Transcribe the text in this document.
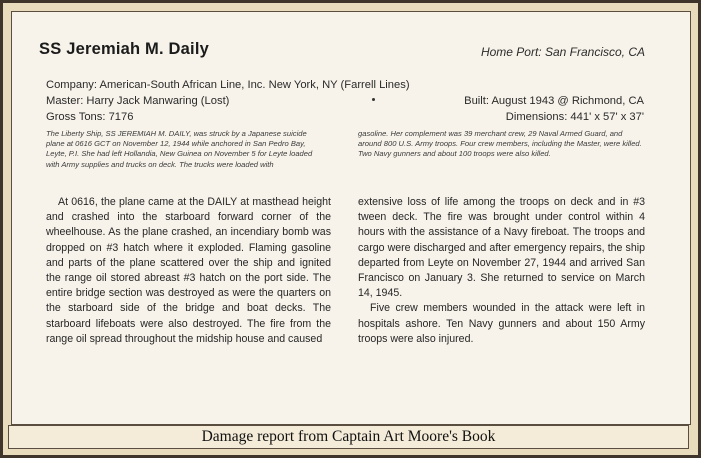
SS Jeremiah M. Daily	Home Port: San Francisco, CA
Company: American-South African Line, Inc. New York, NY (Farrell Lines)
Master: Harry Jack Manwaring (Lost)
Gross Tons: 7176
Built: August 1943 @ Richmond, CA
Dimensions: 441' x 57' x 37'
The Liberty Ship, SS JEREMIAH M. DAILY, was struck by a Japanese suicide plane at 0616 GCT on November 12, 1944 while anchored in San Pedro Bay, Leyte, P.I. She had left Hollandia, New Guinea on November 5 for Leyte loaded with Army supplies and trucks on deck. The trucks were loaded with
gasoline. Her complement was 39 merchant crew, 29 Naval Armed Guard, and around 800 U.S. Army troops. Four crew members, including the Master, were killed. Two Navy gunners and about 100 troops were also killed.

At 0616, the plane came at the DAILY at masthead height and crashed into the starboard forward corner of the wheelhouse. As the plane crashed, an incendiary bomb was dropped on #3 hatch where it exploded. Flaming gasoline and parts of the plane scattered over the ship and ignited the range oil stored abreast #3 hatch on the port side. The entire bridge section was destroyed as were the quarters on the starboard side of the bridge and boat decks. The starboard lifeboats were also destroyed. The fire from the range oil spread throughout the midship house and caused

extensive loss of life among the troops on deck and in #3 tween deck. The fire was brought under control within 4 hours with the assistance of a Navy fireboat. The troops and cargo were discharged and after emergency repairs, the ship departed from Leyte on November 27, 1944 and arrived San Francisco on January 3. She returned to service on March 14, 1945.

Five crew members wounded in the attack were left in hospitals ashore. Ten Navy gunners and about 150 Army troops were also injured.

Damage report from Captain Art Moore's Book
